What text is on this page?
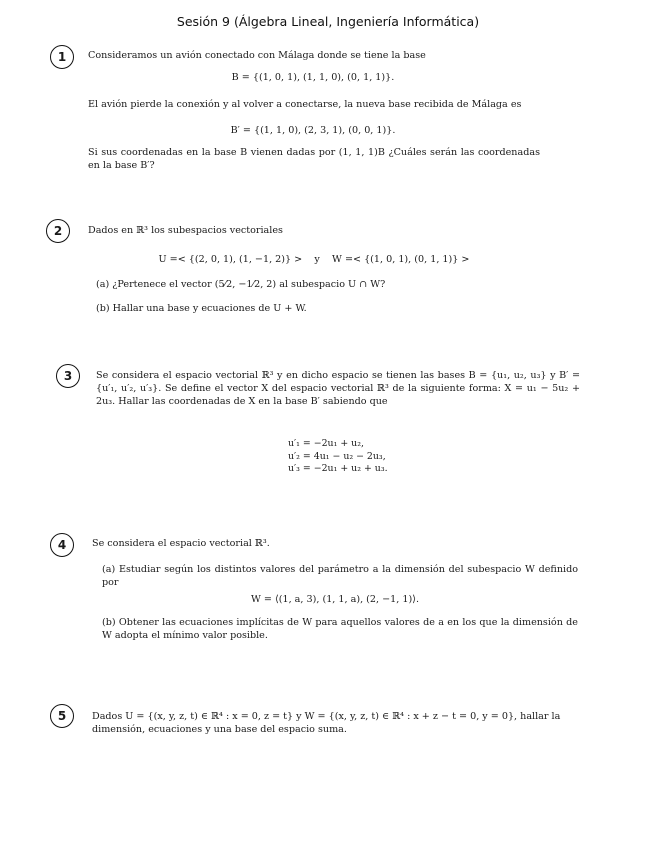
Sesión 9 (Álgebra Lineal, Ingeniería Informática)
1	Consideramos un avión conectado con Málaga donde se tiene la base

B = {(1, 0, 1), (1, 1, 0), (0, 1, 1)}.

El avión pierde la conexión y al volver a conectarse, la nueva base recibida de Málaga es

B′ = {(1, 1, 0), (2, 3, 1), (0, 0, 1)}.

Si sus coordenadas en la base B vienen dadas por (1, 1, 1)B ¿Cuáles serán las coordenadas en la base B′?

2	Dados en ℝ³ los subespacios vectoriales

U =< {(2, 0, 1), (1, −1, 2)} >    y    W =< {(1, 0, 1), (0, 1, 1)} >

(a) ¿Pertenece el vector (5⁄2, −1⁄2, 2) al subespacio U ∩ W?

(b) Hallar una base y ecuaciones de U + W.

3	Se considera el espacio vectorial ℝ³ y en dicho espacio se tienen las bases B = {u₁, u₂, u₃} y B′ = {u′₁, u′₂, u′₃}. Se define el vector X del espacio vectorial ℝ³ de la siguiente forma: X = u₁ − 5u₂ + 2u₃. Hallar las coordenadas de X en la base B′ sabiendo que

u′₁ = −2u₁ + u₂,
u′₂ = 4u₁ − u₂ − 2u₃,
u′₃ = −2u₁ + u₂ + u₃.
4	Se considera el espacio vectorial ℝ³.

(a) Estudiar según los distintos valores del parámetro a la dimensión del subespacio W definido por

W = ⟨(1, a, 3), (1, 1, a), (2, −1, 1)⟩.

(b) Obtener las ecuaciones implícitas de W para aquellos valores de a en los que la dimensión de W adopta el mínimo valor posible.

5	Dados U = {(x, y, z, t) ∈ ℝ⁴ : x = 0, z = t} y W = {(x, y, z, t) ∈ ℝ⁴ : x + z − t = 0, y = 0}, hallar la dimensión, ecuaciones y una base del espacio suma.
